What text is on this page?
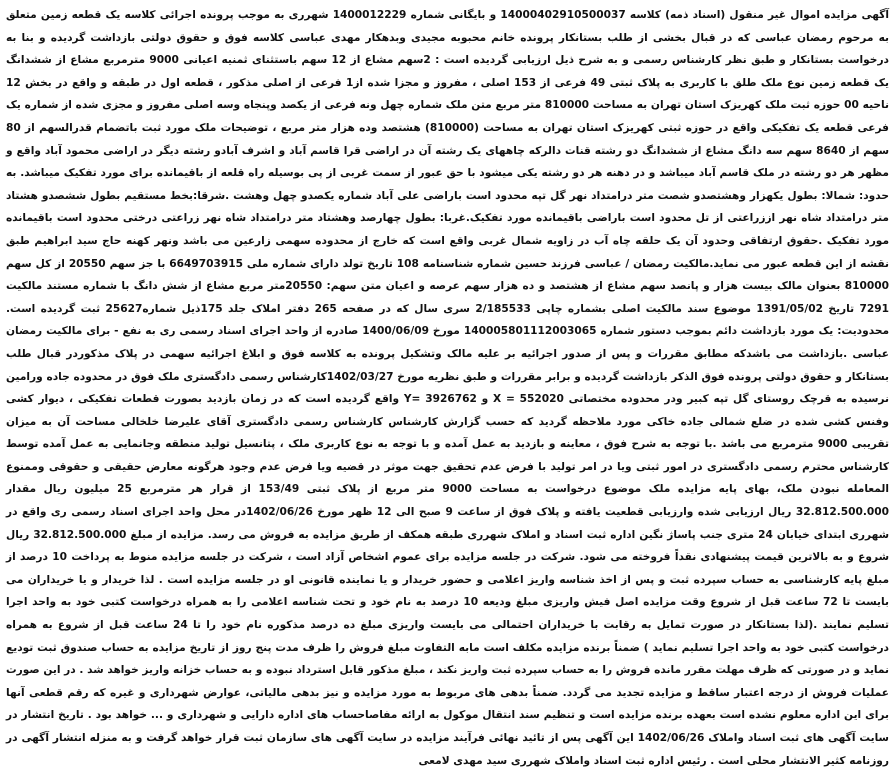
آگهی مزایده اموال غیر منقول (اسناد ذمه) کلاسه 14000402910500037 و بایگانی شماره 1400012229 شهرری به موجب پرونده اجرائی کلاسه یک قطعه زمین متعلق به مرحوم رمضان عباسی که در قبال بخشی از طلب بستانکار پرونده خانم محبوبه مجیدی وبدهکار مهدی عباسی کلاسه فوق و حقوق دولتی بازداشت گردیده و بنا به درخواست بستانکار و طبق نظر کارشناس رسمی و به شرح ذیل ارزیابی گردیده است : 2سهم مشاع از 12 سهم باستثنای ثمنیه اعیانی 9000 مترمربع مشاع از ششدانگ یک قطعه زمین نوع ملک طلق با کاربری به پلاک ثبتی 49 فرعی از 153 اصلی ، مفروز و مجزا شده از1 فرعی از اصلی مذکور ، قطعه اول در طبقه و واقع در بخش 12 ناحیه 00 حوزه ثبت ملک کهریزک استان تهران به مساحت 810000 متر مربع متن ملک شماره چهل ونه فرعی از یکصد وپنجاه وسه اصلی مفروز و مجزی شده از شماره یک فرعی قطعه یک تفکیکی واقع در حوزه ثبتی کهریزک استان تهران به مساحت (810000) هشتصد وده هزار متر مربع ، توضیحات ملک مورد ثبت باتضمام قدرالسهم از 80 سهم از 8640 سهم سه دانگ مشاع از ششدانگ دو رشته قنات دالرکه چاههای یک رشته آن در اراضی قرا قاسم آباد و اشرف آبادو رشته دیگر در اراضی محمود آباد واقع و مظهر هر دو رشته در ملک قاسم آباد میباشد و در دهنه هر دو رشته یکی میشود با حق عبور از سمت غربی از پی بوسیله راه قلعه از باقیمانده برای مورد تفکیک میباشد. به حدود: شمالا: بطول یکهزار وهشتصدو شصت متر درامتداد نهر گل تپه محدود است باراضی علی آباد شماره یکصدو چهل وهشت .شرقا:بخط مستقیم بطول ششصدو هشتاد متر درامتداد شاه نهر اززراعتی از تل محدود است باراضی باقیمانده مورد تفکیک.غربا: بطول چهارصد وهشتاد متر درامتداد شاه نهر زراعتی درختی محدود است باقیمانده مورد تفکیک .حقوق ارتفاقی وحدود آن یک حلقه چاه آب در زاویه شمال غربی واقع است که خارج از محدوده سهمی زارعین می باشد ونهر کهنه حاج سید ابراهیم طبق نقشه از این قطعه عبور می نماید.مالکیت رمضان / عباسی فرزند حسین شماره شناسنامه 108 تاریخ تولد دارای شماره ملی 6649703915 با جز سهم 20550 از کل سهم 810000 بعنوان مالک بیست هزار و پانصد سهم مشاع از هشتصد و ده هزار سهم عرصه و اعیان متن سهم: 20550متر مربع مشاع از شش دانگ با شماره مستند مالکیت 7291 تاریخ 1391/05/02 موضوع سند مالکیت اصلی بشماره چاپی 2/185533 سری سال که در صفحه 265 دفتر املاک جلد 175ذیل شماره25627 ثبت گردیده است. محدودیت: یک مورد بازداشت دائم بموجب دستور شماره 140005801112003065 مورخ 1400/06/09 صادره از واحد اجرای اسناد رسمی ری به نفع - برای مالکیت رمضان عباسی .بازداشت می باشدکه مطابق مقررات و پس از صدور اجرائیه بر علیه مالک وتشکیل پرونده به کلاسه فوق و ابلاغ اجرائیه سهمی در پلاک مذکوردر قبال طلب بستانکار و حقوق دولتی پرونده فوق الذکر بازداشت گردیده و برابر مقررات و طبق نظریه مورخ 1402/03/27کارشناس رسمی دادگستری ملک فوق در محدوده جاده ورامین نرسیده به قرچک روستای گل تپه کبیر ودر محدوده مختصاتی X = 552020 و Y= 3926762 واقع گردیده است که در زمان بازدید بصورت قطعات تفکیکی ، دیوار کشی وفنس کشی شده در ضلع شمالی جاده خاکی مورد ملاحظه گردید که حسب گزارش کارشناس کارشناس رسمی دادگستری آقای علیرضا خلخالی مساحت آن به میزان تقریبی 9000 مترمربع می باشد .با توجه به شرح فوق ، معاینه و بازدید به عمل آمده و با توجه به نوع کاربری ملک ، پتانسیل تولید منطقه وجانمایی به عمل آمده توسط کارشناس محترم رسمی دادگستری در امور ثبتی ویا در امر تولید با فرض عدم تحقیق جهت موثر در قضیه ویا فرض عدم وجود هرگونه معارض حقیقی و حقوقی وممنوع المعامله نبودن ملک، بهای پایه مزایده ملک موضوع درخواست به مساحت 9000 متر مربع از پلاک ثبتی 153/49 از قرار هر مترمربع 25 میلیون ریال مقدار 32.812.500.000 ریال ارزیابی شده وارزیابی قطعیت یافته و پلاک فوق از ساعت 9 صبح الی 12 ظهر مورخ 1402/06/26در محل واحد اجرای اسناد رسمی ری واقع در شهرری ابتدای خیابان 24 متری جنب پاساژ نگین اداره ثبت اسناد و املاک شهرری طبقه همکف از طریق مزایده به فروش می رسد. مزایده از مبلغ 32.812.500.000 ریال شروع و به بالاترین قیمت پیشنهادی نقداً فروخته می شود. شرکت در جلسه مزایده برای عموم اشخاص آزاد است ، شرکت در جلسه مزایده منوط به پرداخت 10 درصد از مبلغ پایه کارشناسی به حساب سپرده ثبت و پس از اخذ شناسه واریز اعلامی و حضور خریدار و یا نماینده قانونی او در جلسه مزایده است . لذا خریدار و یا خریداران می بایست تا 72 ساعت قبل از شروع وقت مزایده اصل فیش واریزی مبلغ ودیعه 10 درصد به نام خود و تحت شناسه اعلامی را به همراه درخواست کتبی خود به واحد اجرا تسلیم نمایند .(لذا بستانکار در صورت تمایل به رقابت با خریداران احتمالی می بایست واریزی مبلغ ده درصد مذکوره نام خود را تا 24 ساعت قبل از شروع به همراه درخواست کتبی خود به واحد اجرا تسلیم نماید ) ضمناً برنده مزایده مکلف است مابه التفاوت مبلغ فروش را ظرف مدت پنج روز از تاریخ مزایده به حساب صندوق ثبت تودیع نماید و در صورتی که ظرف مهلت مقرر مانده فروش را به حساب سپرده ثبت واریز نکند ، مبلغ مذکور قابل استرداد نبوده و به حساب خزانه واریز خواهد شد . در این صورت عملیات فروش از درجه اعتبار ساقط و مزایده تجدید می گردد. ضمناً بدهی های مربوط به مورد مزایده و نیز بدهی مالیاتی، عوارض شهرداری و غیره که رقم قطعی آنها برای این اداره معلوم نشده است بعهده برنده مزایده است و تنظیم سند انتقال موکول به ارائه مفاصاحساب های اداره دارایی و شهرداری و ... خواهد بود . تاریخ انتشار در سایت آگهی های ثبت اسناد واملاک 1402/06/26 این آگهی پس از تائید نهائی فرآیند مزایده در سایت آگهی های سازمان ثبت قرار خواهد گرفت و به منزله انتشار آگهی در روزنامه کثیر الانتشار محلی است . رئیس اداره ثبت اسناد واملاک شهرری سید مهدی لامعی
